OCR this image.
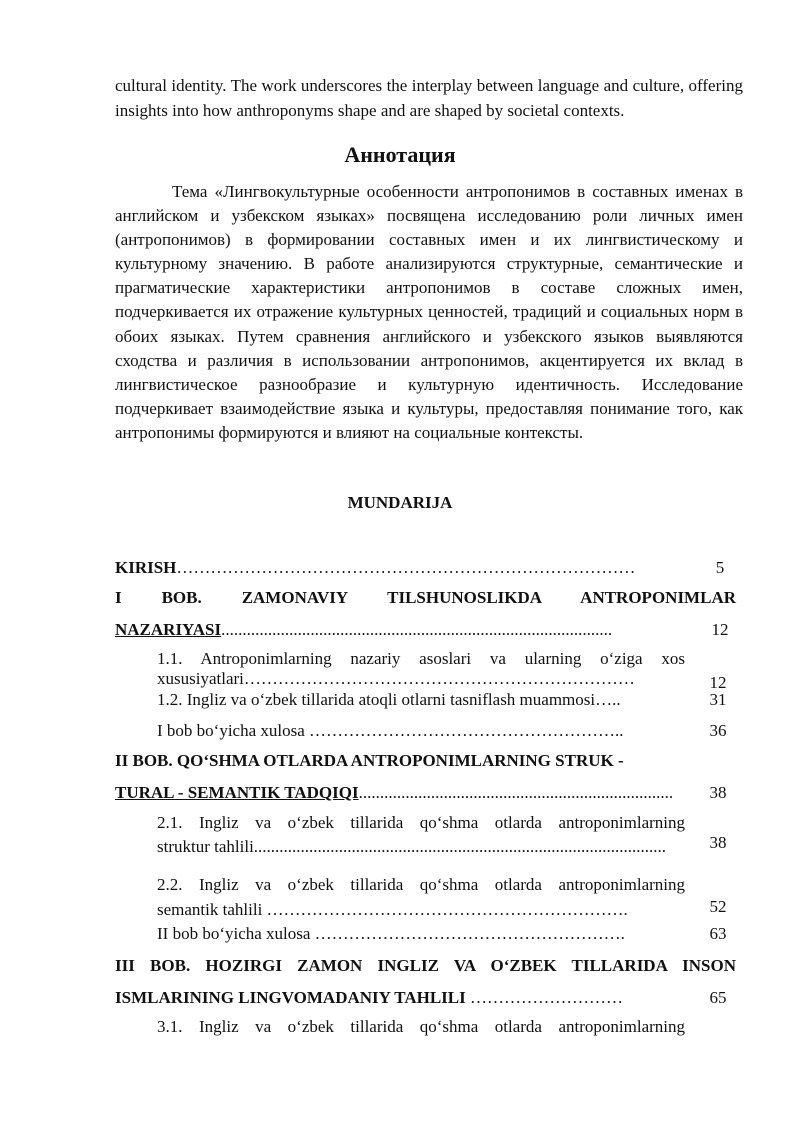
cultural identity. The work underscores the interplay between language and culture, offering insights into how anthroponyms shape and are shaped by societal contexts.

Аннотация

Тема «Лингвокультурные особенности антропонимов в составных именах в английском и узбекском языках» посвящена исследованию роли личных имен (антропонимов) в формировании составных имен и их лингвистическому и культурному значению. В работе анализируются структурные, семантические и прагматические характеристики антропонимов в составе сложных имен, подчеркивается их отражение культурных ценностей, традиций и социальных норм в обоих языках. Путем сравнения английского и узбекского языков выявляются сходства и различия в использовании антропонимов, акцентируется их вклад в лингвистическое разнообразие и культурную идентичность. Исследование подчеркивает взаимодействие языка и культуры, предоставляя понимание того, как антропонимы формируются и влияют на социальные контексты.

MUNDARIJA
KIRISH………………………………………………………………………	5
I BOB. ZAMONAVIY TILSHUNOSLIKDA ANTROPONIMLAR
NAZARIYASI............................................................................................	12
1.1. Antroponimlarning nazariy asoslari va ularning o‘ziga xos
xususiyatlari……………………………………………………………	12
1.2. Ingliz va o‘zbek tillarida atoqli otlarni tasniflash muammosi…..	31
I bob bo‘yicha xulosa ………………………………………………..	36
II BOB. QO‘SHMA OTLARDA ANTROPONIMLARNING STRUK -
TURAL - SEMANTIK TADQIQI..........................................................................	38
2.1. Ingliz va o‘zbek tillarida qo‘shma otlarda antroponimlarning
struktur tahlili.................................................................................................	38
2.2. Ingliz va o‘zbek tillarida qo‘shma otlarda antroponimlarning
semantik tahlili ……………………………………………………….	52
II bob bo‘yicha xulosa ……………………………………………….	63
III BOB. HOZIRGI ZAMON INGLIZ VA O‘ZBEK TILLARIDA INSON
ISMLARINING LINGVOMADANIY TAHLILI ………………………	65
3.1. Ingliz va o‘zbek tillarida qo‘shma otlarda antroponimlarning
